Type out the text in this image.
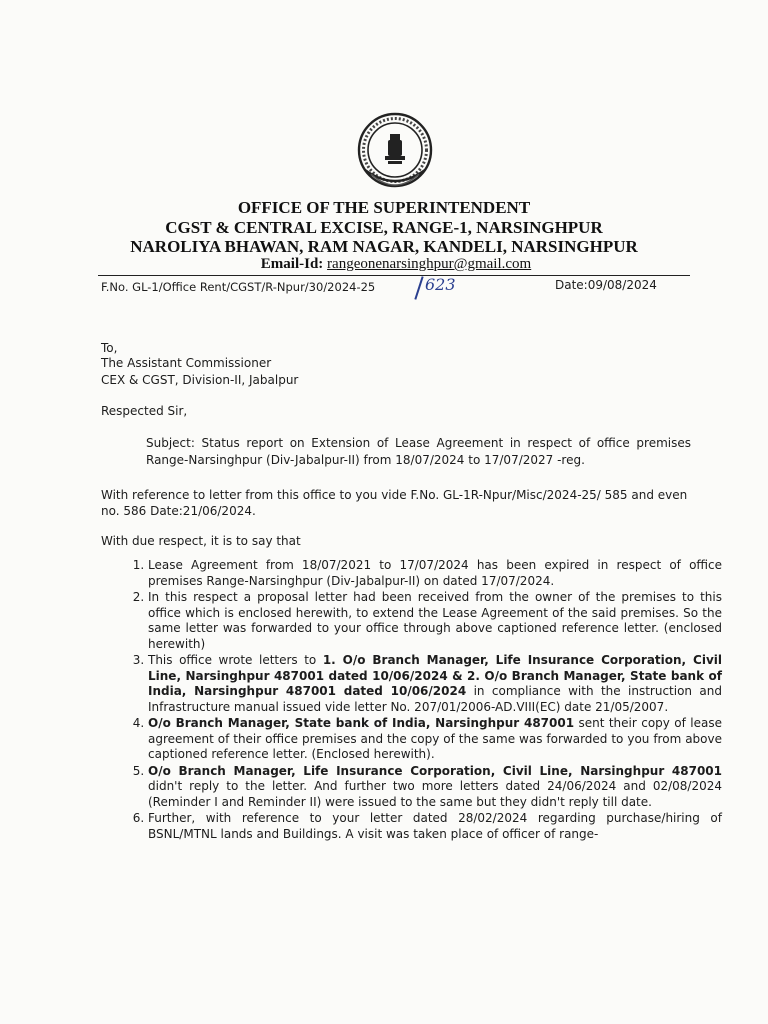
OFFICE OF THE SUPERINTENDENT
CGST & CENTRAL EXCISE, RANGE-1, NARSINGHPUR
NAROLIYA BHAWAN, RAM NAGAR, KANDELI, NARSINGHPUR
Email-Id: rangeonenarsinghpur@gmail.com
F.No. GL-1/Office Rent/CGST/R-Npur/30/2024-25	623	Date:09/08/2024
To,
The Assistant Commissioner
CEX & CGST, Division-II, Jabalpur
Respected Sir,
Subject: Status report on Extension of Lease Agreement in respect of office premises Range-Narsinghpur (Div-Jabalpur-II) from 18/07/2024 to 17/07/2027 -reg.
With reference to letter from this office to you vide F.No. GL-1R-Npur/Misc/2024-25/ 585 and even no. 586 Date:21/06/2024.
With due respect, it is to say that
1. Lease Agreement from 18/07/2021 to 17/07/2024 has been expired in respect of office premises Range-Narsinghpur (Div-Jabalpur-II) on dated 17/07/2024.
2. In this respect a proposal letter had been received from the owner of the premises to this office which is enclosed herewith, to extend the Lease Agreement of the said premises. So the same letter was forwarded to your office through above captioned reference letter. (enclosed herewith)
3. This office wrote letters to 1. O/o Branch Manager, Life Insurance Corporation, Civil Line, Narsinghpur 487001 dated 10/06/2024 & 2. O/o Branch Manager, State bank of India, Narsinghpur 487001 dated 10/06/2024 in compliance with the instruction and Infrastructure manual issued vide letter No. 207/01/2006-AD.VIII(EC) date 21/05/2007.
4. O/o Branch Manager, State bank of India, Narsinghpur 487001 sent their copy of lease agreement of their office premises and the copy of the same was forwarded to you from above captioned reference letter. (Enclosed herewith).
5. O/o Branch Manager, Life Insurance Corporation, Civil Line, Narsinghpur 487001 didn't reply to the letter. And further two more letters dated 24/06/2024 and 02/08/2024 (Reminder I and Reminder II) were issued to the same but they didn't reply till date.
6. Further, with reference to your letter dated 28/02/2024 regarding purchase/hiring of BSNL/MTNL lands and Buildings. A visit was taken place of officer of range-
